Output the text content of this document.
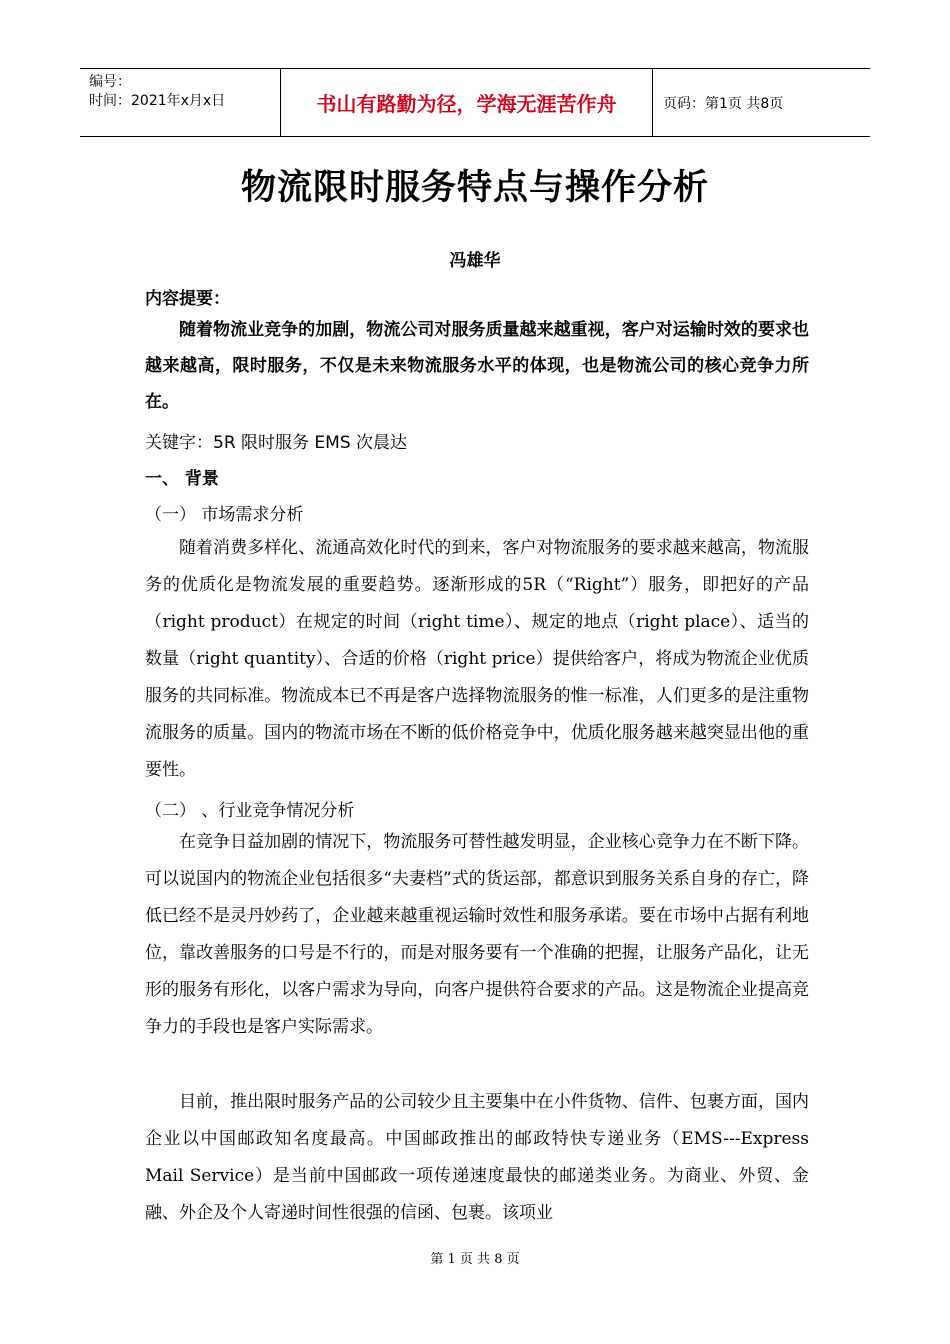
编号：
时间：2021年x月x日	书山有路勤为径，学海无涯苦作舟	页码：第1页 共8页
物流限时服务特点与操作分析
冯雄华
内容提要：
随着物流业竞争的加剧，物流公司对服务质量越来越重视，客户对运输时效的要求也越来越高，限时服务，不仅是未来物流服务水平的体现，也是物流公司的核心竞争力所在。
关键字：5R 限时服务 EMS 次晨达
一、 背景
（一） 市场需求分析
随着消费多样化、流通高效化时代的到来，客户对物流服务的要求越来越高，物流服务的优质化是物流发展的重要趋势。逐渐形成的5R（“Right”）服务，即把好的产品（right product）在规定的时间（right time）、规定的地点（right place）、适当的数量（right quantity）、合适的价格（right price）提供给客户，将成为物流企业优质服务的共同标准。物流成本已不再是客户选择物流服务的惟一标准，人们更多的是注重物流服务的质量。国内的物流市场在不断的低价格竞争中，优质化服务越来越突显出他的重要性。
（二） 、行业竞争情况分析
在竞争日益加剧的情况下，物流服务可替性越发明显，企业核心竞争力在不断下降。可以说国内的物流企业包括很多“夫妻档”式的货运部，都意识到服务关系自身的存亡，降低已经不是灵丹妙药了，企业越来越重视运输时效性和服务承诺。要在市场中占据有利地位，靠改善服务的口号是不行的，而是对服务要有一个准确的把握，让服务产品化，让无形的服务有形化，以客户需求为导向，向客户提供符合要求的产品。这是物流企业提高竞争力的手段也是客户实际需求。
目前，推出限时服务产品的公司较少且主要集中在小件货物、信件、包裹方面，国内企业以中国邮政知名度最高。中国邮政推出的邮政特快专递业务（EMS---Express Mail Service）是当前中国邮政一项传递速度最快的邮递类业务。为商业、外贸、金融、外企及个人寄递时间性很强的信函、包裹。该项业
第 1 页 共 8 页
